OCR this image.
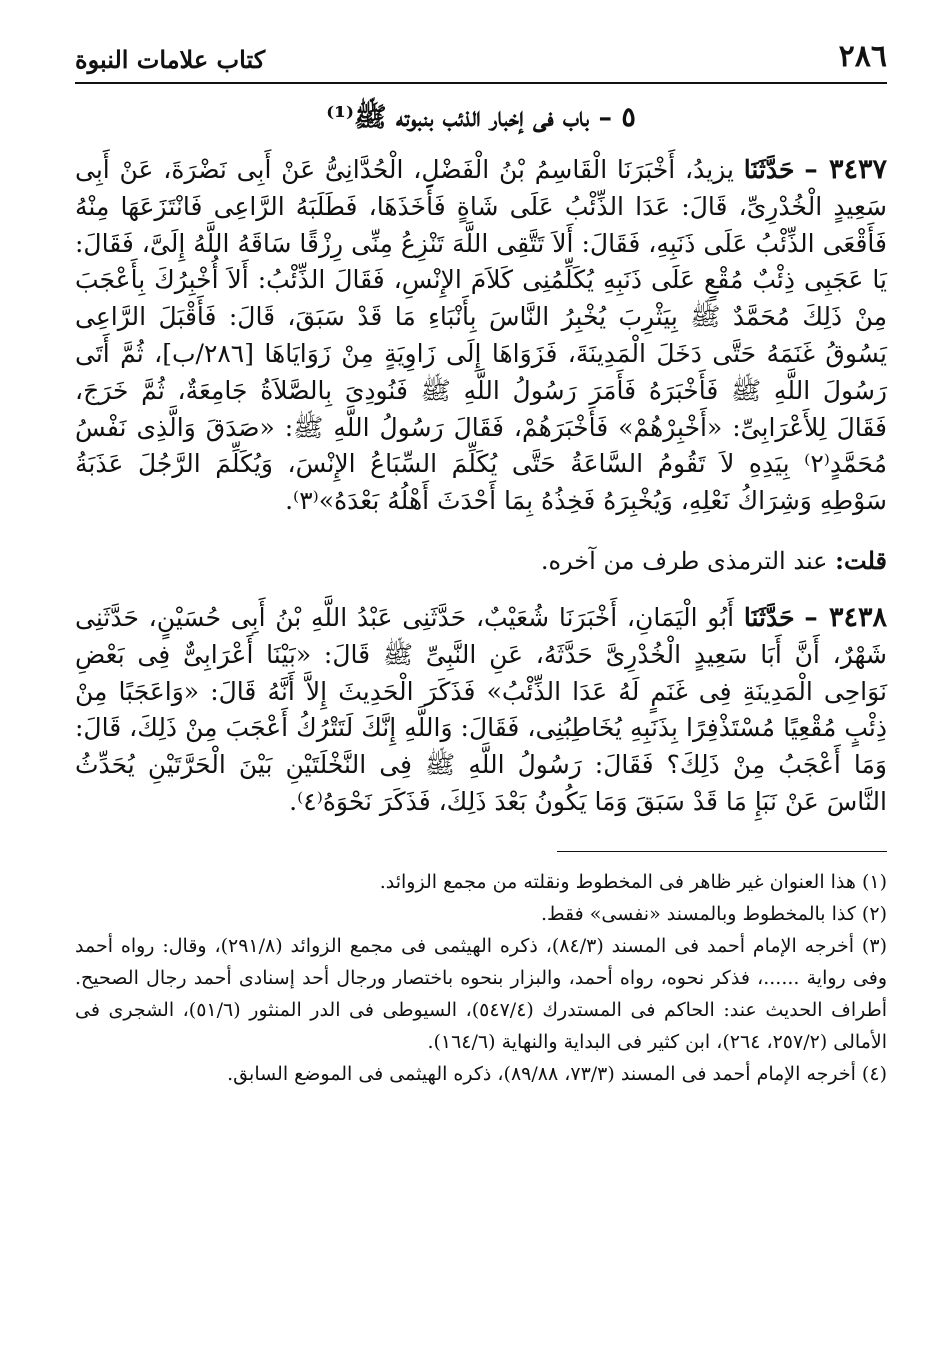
٢٨٦
كتاب علامات النبوة
٥ – باب فى إخبار الذئب بنبوته ﷺ⁽¹⁾

٣٤٣٧ – حَدَّثَنَا يزيدُ، أَخْبَرَنَا الْقَاسِمُ بْنُ الْفَضْلِ، الْحُدَّانِىُّ عَنْ أَبِى نَضْرَةَ، عَنْ أَبِى سَعِيدٍ الْخُدْرِىِّ، قَالَ: عَدَا الذِّئْبُ عَلَى شَاةٍ فَأَخَذَهَا، فَطَلَبَهُ الرَّاعِى فَانْتَزَعَهَا مِنْهُ فَأَقْعَى الذِّئْبُ عَلَى ذَنَبِهِ، فَقَالَ: أَلاَ تَتَّقِى اللَّهَ تَنْزِعُ مِنِّى رِزْقًا سَاقَهُ اللَّهُ إِلَىَّ، فَقَالَ: يَا عَجَبِى ذِئْبٌ مُقْعٍ عَلَى ذَنَبِهِ يُكَلِّمُنِى كَلاَمَ الإِنْسِ، فَقَالَ الذِّئْبُ: أَلاَ أُخْبِرُكَ بِأَعْجَبَ مِنْ ذَلِكَ مُحَمَّدٌ ﷺ بِيَثْرِبَ يُخْبِرُ النَّاسَ بِأَنْبَاءِ مَا قَدْ سَبَقَ، قَالَ: فَأَقْبَلَ الرَّاعِى يَسُوقُ غَنَمَهُ حَتَّى دَخَلَ الْمَدِينَةَ، فَزَوَاهَا إِلَى زَاوِيَةٍ مِنْ زَوَايَاهَا [٢٨٦/ب]، ثُمَّ أَتَى رَسُولَ اللَّهِ ﷺ فَأَخْبَرَهُ فَأَمَرَ رَسُولُ اللَّهِ ﷺ فَنُودِىَ بِالصَّلاَةُ جَامِعَةٌ، ثُمَّ خَرَجَ، فَقَالَ لِلأَعْرَابِىِّ: «أَخْبِرْهُمْ» فَأَخْبَرَهُمْ، فَقَالَ رَسُولُ اللَّهِ ﷺ: «صَدَقَ وَالَّذِى نَفْسُ مُحَمَّدٍ⁽٢⁾ بِيَدِهِ لاَ تَقُومُ السَّاعَةُ حَتَّى يُكَلِّمَ السِّبَاعُ الإِنْسَ، وَيُكَلِّمَ الرَّجُلَ عَذَبَةُ سَوْطِهِ وَشِرَاكُ نَعْلِهِ، وَيُخْبِرَهُ فَخِذُهُ بِمَا أَحْدَثَ أَهْلُهُ بَعْدَهُ»⁽٣⁾.

قلت: عند الترمذى طرف من آخره.

٣٤٣٨ – حَدَّثَنَا أَبُو الْيَمَانِ، أَخْبَرَنَا شُعَيْبٌ، حَدَّثَنِى عَبْدُ اللَّهِ بْنُ أَبِى حُسَيْنٍ، حَدَّثَنِى شَهْرٌ، أَنَّ أَبَا سَعِيدٍ الْخُدْرِىَّ حَدَّثَهُ، عَنِ النَّبِىِّ ﷺ قَالَ: «بَيْنَا أَعْرَابِىٌّ فِى بَعْضِ نَوَاحِى الْمَدِينَةِ فِى غَنَمٍ لَهُ عَدَا الذِّئْبُ» فَذَكَرَ الْحَدِيثَ إِلاَّ أَنَّهُ قَالَ: «وَاعَجَبًا مِنْ ذِئْبٍ مُقْعِيًا مُسْتَذْفِرًا بِذَنَبِهِ يُخَاطِبُنِى، فَقَالَ: وَاللَّهِ إِنَّكَ لَتَتْرُكُ أَعْجَبَ مِنْ ذَلِكَ، قَالَ: وَمَا أَعْجَبُ مِنْ ذَلِكَ؟ فَقَالَ: رَسُولُ اللَّهِ ﷺ فِى النَّخْلَتَيْنِ بَيْنَ الْحَرَّتَيْنِ يُحَدِّثُ النَّاسَ عَنْ نَبَإِ مَا قَدْ سَبَقَ وَمَا يَكُونُ بَعْدَ ذَلِكَ، فَذَكَرَ نَحْوَهُ⁽٤⁾.

(١) هذا العنوان غير ظاهر فى المخطوط ونقلته من مجمع الزوائد.
(٢) كذا بالمخطوط وبالمسند «نفسى» فقط.
(٣) أخرجه الإمام أحمد فى المسند (٨٤/٣)، ذكره الهيثمى فى مجمع الزوائد (٢٩١/٨)، وقال: رواه أحمد وفى رواية ......، فذكر نحوه، رواه أحمد، والبزار بنحوه باختصار ورجال أحد إسنادى أحمد رجال الصحيح. أطراف الحديث عند: الحاكم فى المستدرك (٥٤٧/٤)، السيوطى فى الدر المنثور (٥١/٦)، الشجرى فى الأمالى (٢٥٧/٢، ٢٦٤)، ابن كثير فى البداية والنهاية (١٦٤/٦).
(٤) أخرجه الإمام أحمد فى المسند (٧٣/٣، ٨٩/٨٨)، ذكره الهيثمى فى الموضع السابق.
